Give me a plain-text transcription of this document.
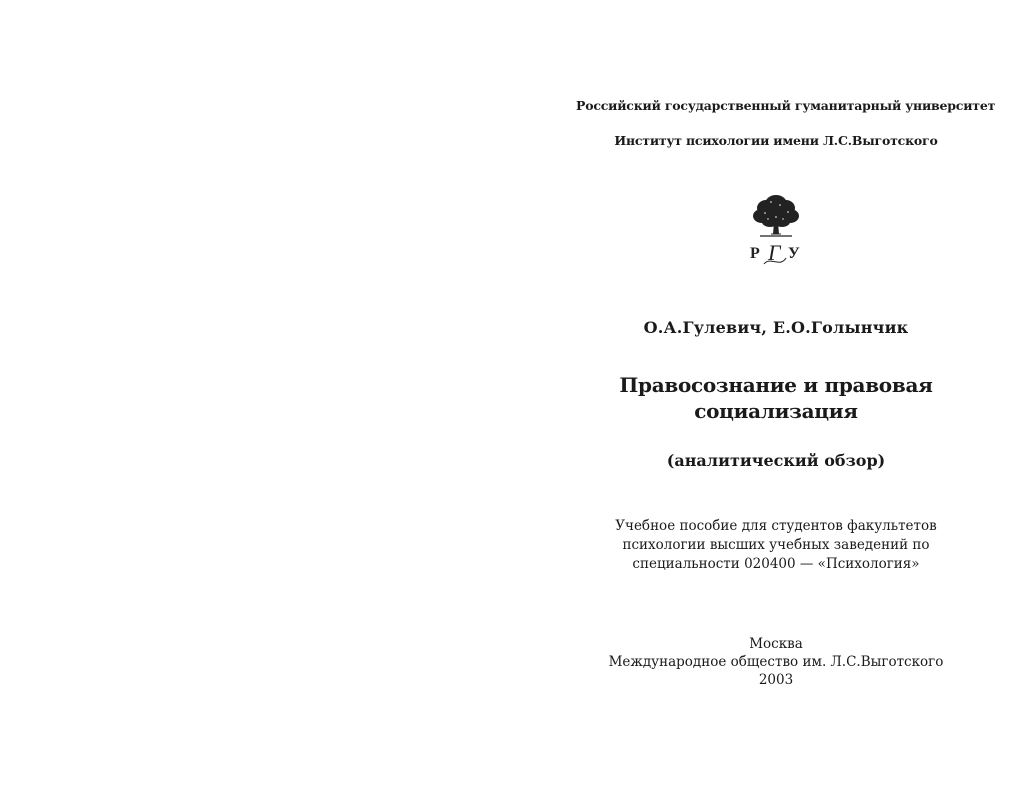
Российский государственный гуманитарный университет
Институт психологии имени Л.С.Выготского
Р Г У
О.А.Гулевич, Е.О.Голынчик
Правосознание и правовая
социализация
(аналитический обзор)
Учебное пособие для студентов факультетов
психологии высших учебных заведений по
специальности 020400 — «Психология»
Москва
Международное общество им. Л.С.Выготского
2003
